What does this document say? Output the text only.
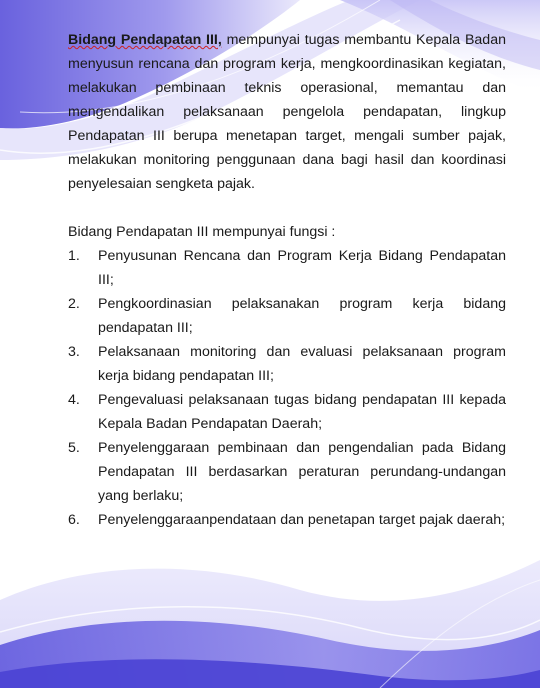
Bidang Pendapatan III, mempunyai tugas membantu Kepala Badan menyusun rencana dan program kerja, mengkoordinasikan kegiatan, melakukan pembinaan teknis operasional, memantau dan mengendalikan pelaksanaan pengelola pendapatan, lingkup Pendapatan III berupa menetapan target, mengali sumber pajak, melakukan monitoring penggunaan dana bagi hasil dan koordinasi penyelesaian sengketa pajak.

Bidang Pendapatan III mempunyai fungsi :

1. Penyusunan Rencana dan Program Kerja Bidang Pendapatan III;
2. Pengkoordinasian pelaksanakan program kerja bidang pendapatan III;
3. Pelaksanaan monitoring dan evaluasi pelaksanaan program kerja bidang pendapatan III;
4. Pengevaluasi pelaksanaan tugas bidang pendapatan III kepada Kepala Badan Pendapatan Daerah;
5. Penyelenggaraan pembinaan dan pengendalian pada Bidang Pendapatan III berdasarkan peraturan perundang-undangan yang berlaku;
6. Penyelenggaraanpendataan dan penetapan target pajak daerah;
